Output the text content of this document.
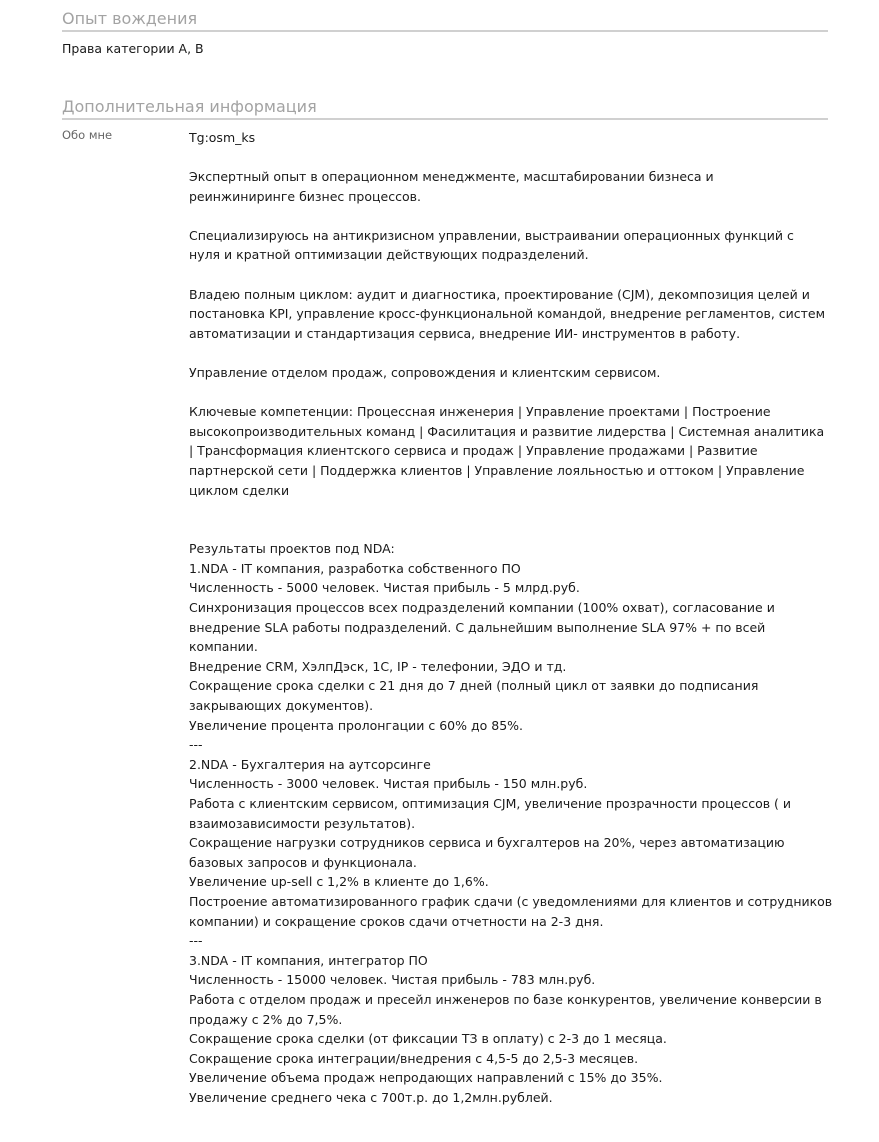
Опыт вождения
Права категории A, B
Дополнительная информация
Обо мне	Tg:osm_ks
Экспертный опыт в операционном менеджменте, масштабировании бизнеса и
реинжиниринге бизнес процессов.
Специализируюсь на антикризисном управлении, выстраивании операционных функций с
нуля и кратной оптимизации действующих подразделений.
Владею полным циклом: аудит и диагностика, проектирование (CJM), декомпозиция целей и
постановка KPI, управление кросс-функциональной командой, внедрение регламентов, систем
автоматизации и стандартизация сервиса, внедрение ИИ- инструментов в работу.
Управление отделом продаж, сопровождения и клиентским сервисом.
Ключевые компетенции: Процессная инженерия | Управление проектами | Построение
высокопроизводительных команд | Фасилитация и развитие лидерства | Системная аналитика
| Трансформация клиентского сервиса и продаж | Управление продажами | Развитие
партнерской сети | Поддержка клиентов | Управление лояльностью и оттоком | Управление
циклом сделки
Результаты проектов под NDA:
1.NDA - IT компания, разработка собственного ПО
Численность - 5000 человек. Чистая прибыль - 5 млрд.руб.
Синхронизация процессов всех подразделений компании (100% охват), согласование и
внедрение SLA работы подразделений. С дальнейшим выполнение SLA 97% + по всей
компании.
Внедрение CRM, ХэлпДэск, 1С, IP - телефонии, ЭДО и тд.
Сокращение срока сделки с 21 дня до 7 дней (полный цикл от заявки до подписания
закрывающих документов).
Увеличение процента пролонгации с 60% до 85%.
---
2.NDA - Бухгалтерия на аутсорсинге
Численность - 3000 человек. Чистая прибыль - 150 млн.руб.
Работа с клиентским сервисом, оптимизация CJM, увеличение прозрачности процессов ( и
взаимозависимости результатов).
Сокращение нагрузки сотрудников сервиса и бухгалтеров на 20%, через автоматизацию
базовых запросов и функционала.
Увеличение up-sell с 1,2% в клиенте до 1,6%.
Построение автоматизированного график сдачи (с уведомлениями для клиентов и сотрудников
компании) и сокращение сроков сдачи отчетности на 2-3 дня.
---
3.NDA - IT компания, интегратор ПО
Численность - 15000 человек. Чистая прибыль - 783 млн.руб.
Работа с отделом продаж и пресейл инженеров по базе конкурентов, увеличение конверсии в
продажу с 2% до 7,5%.
Сокращение срока сделки (от фиксации ТЗ в оплату) с 2-3 до 1 месяца.
Сокращение срока интеграции/внедрения с 4,5-5 до 2,5-3 месяцев.
Увеличение объема продаж непродающих направлений с 15% до 35%.
Увеличение среднего чека с 700т.р. до 1,2млн.рублей.
